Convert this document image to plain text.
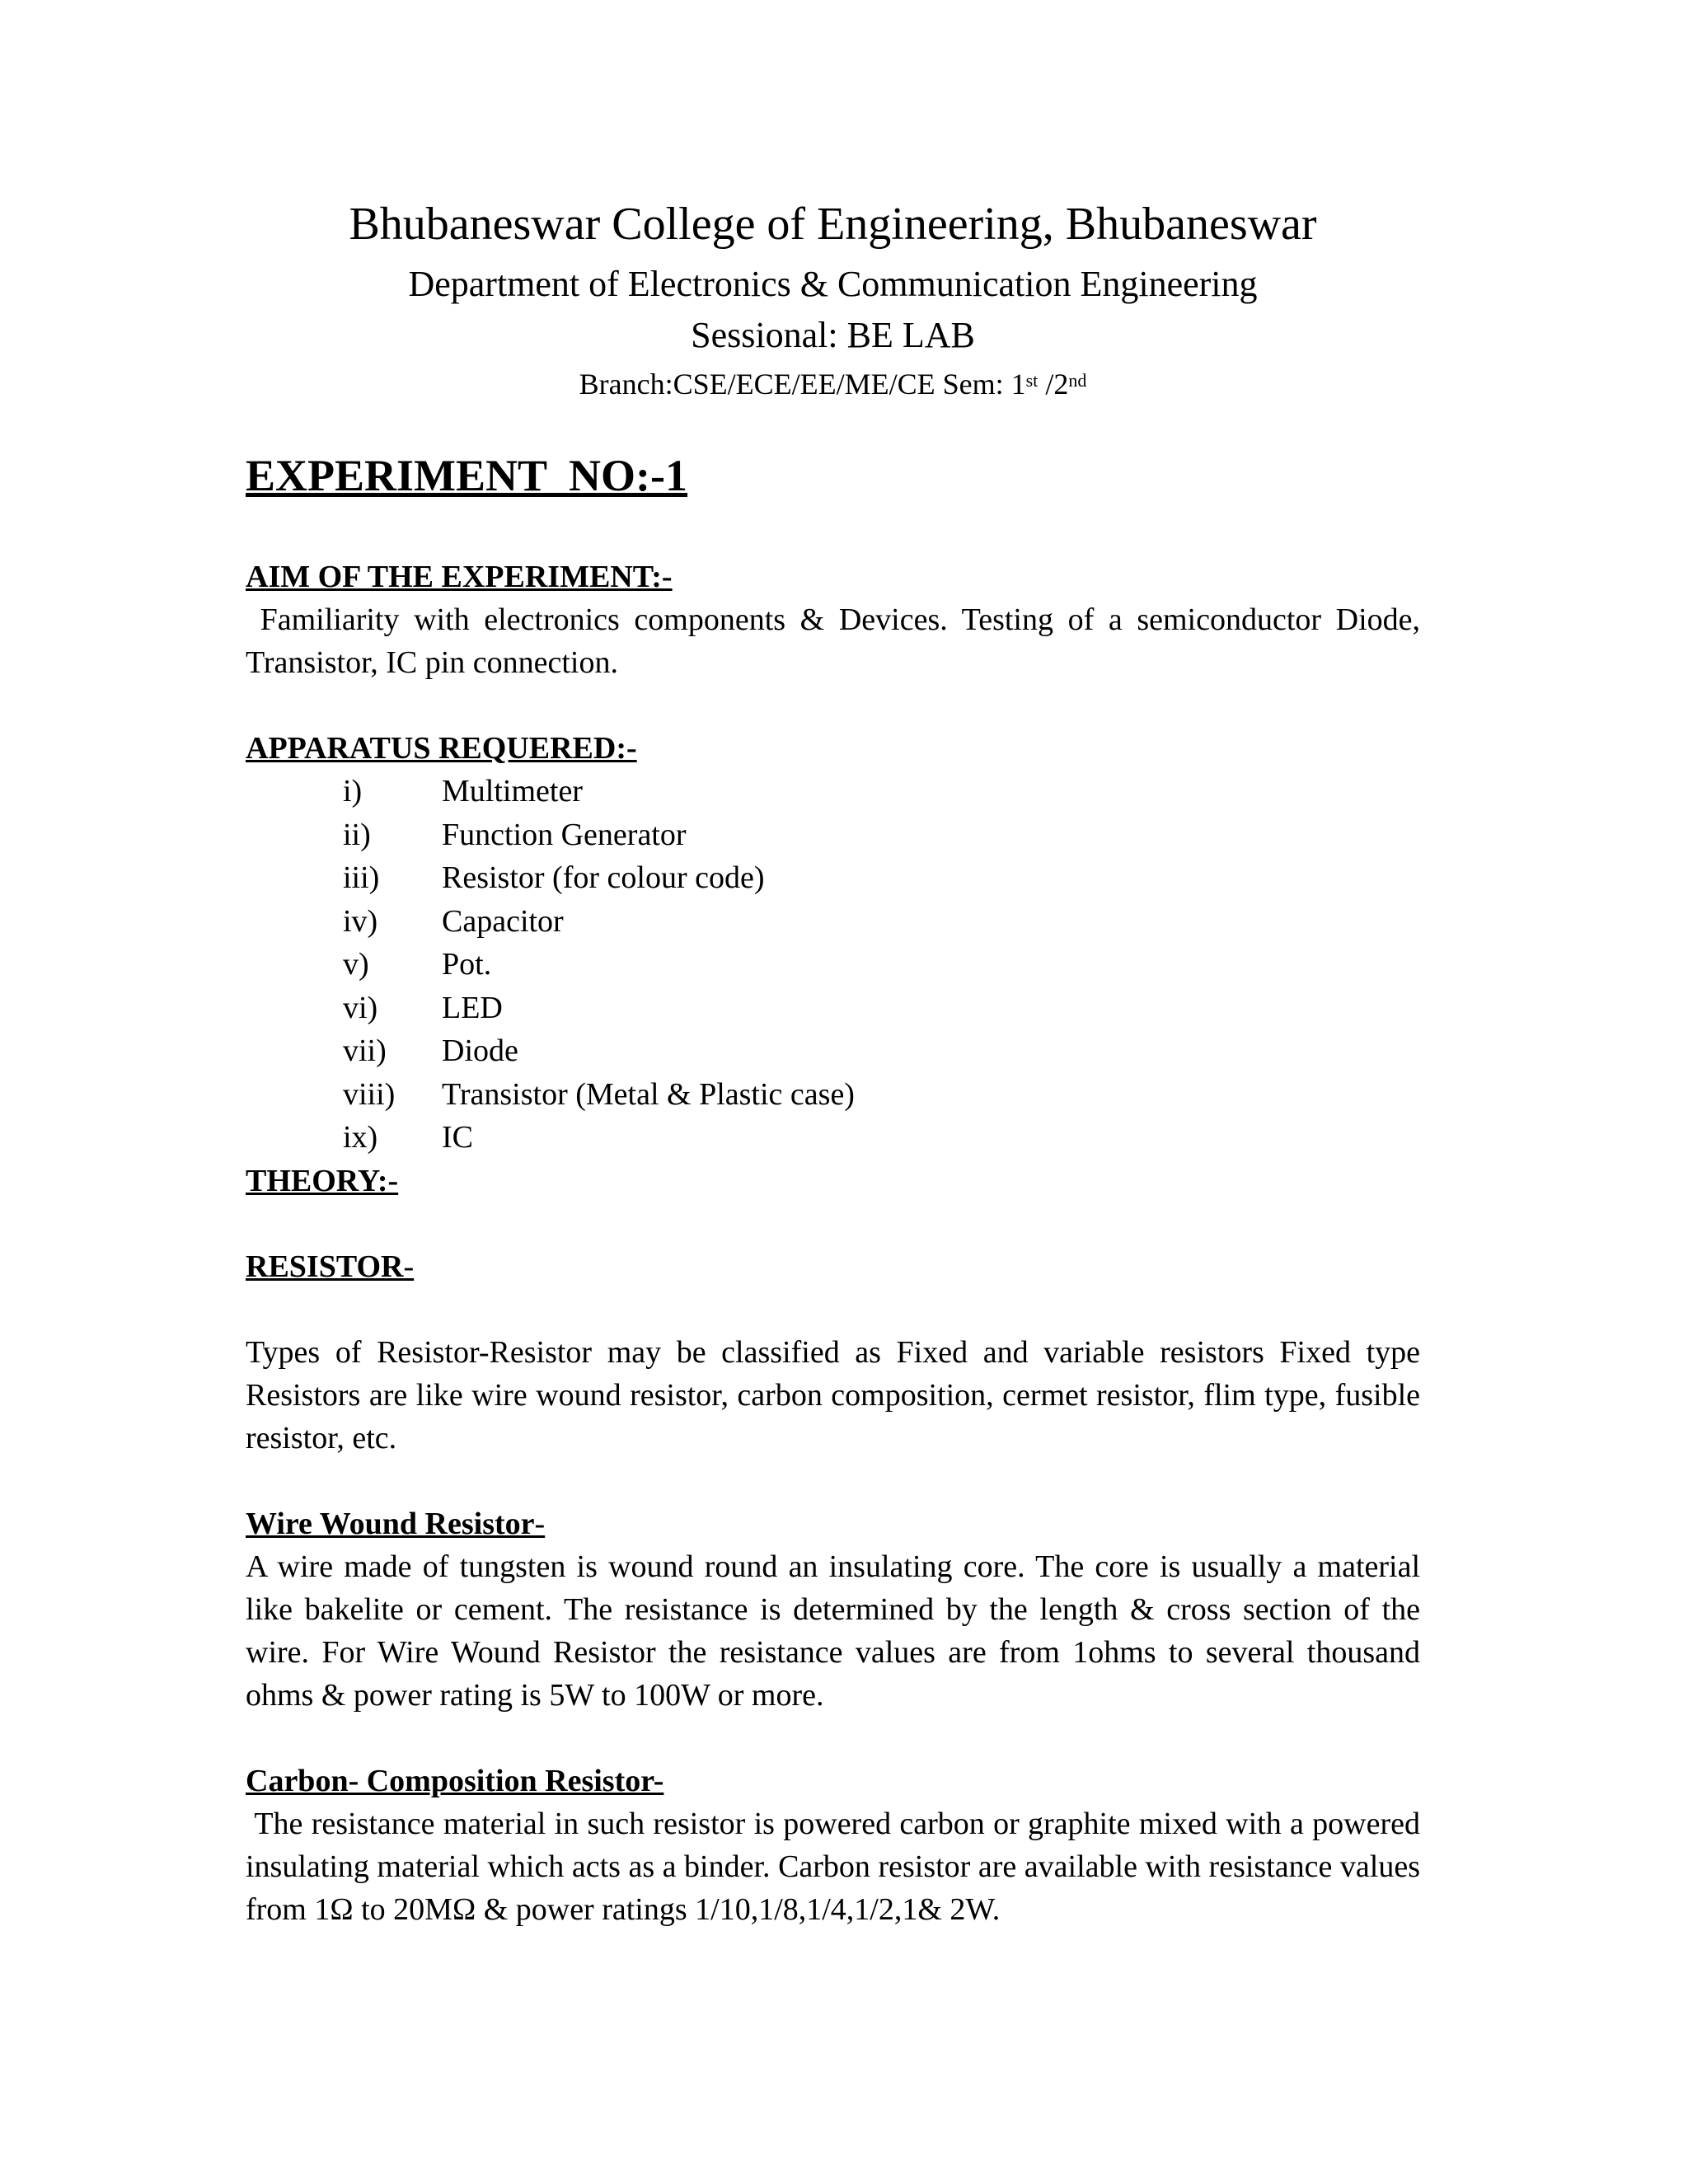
Bhubaneswar College of Engineering, Bhubaneswar
Department of Electronics & Communication Engineering
Sessional: BE LAB
Branch:CSE/ECE/EE/ME/CE Sem: 1st /2nd
EXPERIMENT  NO:-1
AIM OF THE EXPERIMENT:-
Familiarity with electronics components & Devices. Testing of a semiconductor Diode, Transistor, IC pin connection.
APPARATUS REQUERED:-
i)	Multimeter
ii)	Function Generator
iii)	Resistor (for colour code)
iv)	Capacitor
v)	Pot.
vi)	LED
vii)	Diode
viii)	Transistor (Metal & Plastic case)
ix)	IC
THEORY:-
RESISTOR-
Types of Resistor-Resistor may be classified as Fixed and variable resistors Fixed type Resistors are like wire wound resistor, carbon composition, cermet resistor, flim type, fusible resistor, etc.
Wire Wound Resistor-
A wire made of tungsten is wound round an insulating core. The core is usually a material like bakelite or cement. The resistance is determined by the length & cross section of the wire. For Wire Wound Resistor the resistance values are from 1ohms to several thousand ohms & power rating is 5W to 100W or more.
Carbon- Composition Resistor-
The resistance material in such resistor is powered carbon or graphite mixed with a powered insulating material which acts as a binder. Carbon resistor are available with resistance values from 1Ω to 20MΩ & power ratings 1/10,1/8,1/4,1/2,1& 2W.
